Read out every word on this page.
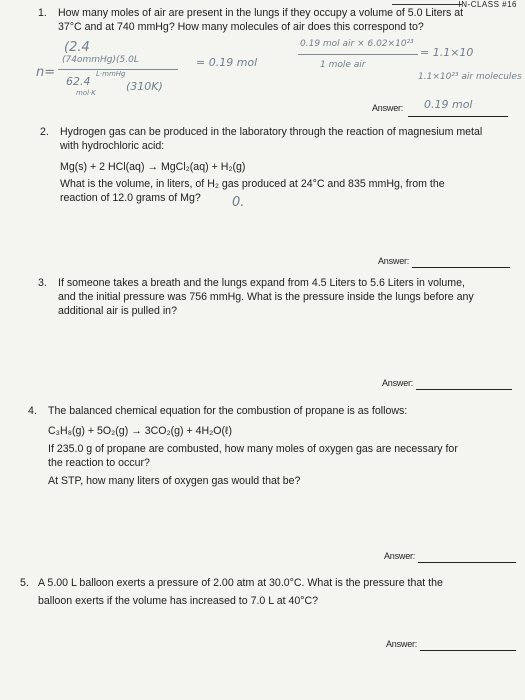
IN-CLASS #16
1. How many moles of air are present in the lungs if they occupy a volume of 5.0 Liters at
37°C and at 740 mmHg? How many molecules of air does this correspond to?
(2.4
(74ommHg)(5.0L
n=
62.4
L·mmHg
mol·K	(310K)
= 0.19 mol
0.19 mol air × 6.02×10²³
1 mole air
= 1.1×10
1.1×10²³ air molecules
Answer: 0.19 mol
2. Hydrogen gas can be produced in the laboratory through the reaction of magnesium metal
with hydrochloric acid:
Mg(s) + 2 HCl(aq) → MgCl₂(aq) + H₂(g)
What is the volume, in liters, of H₂ gas produced at 24°C and 835 mmHg, from the
reaction of 12.0 grams of Mg? 0.
Answer:
3. If someone takes a breath and the lungs expand from 4.5 Liters to 5.6 Liters in volume,
and the initial pressure was 756 mmHg. What is the pressure inside the lungs before any
additional air is pulled in?
Answer:
4. The balanced chemical equation for the combustion of propane is as follows:
C₃H₈(g) + 5O₂(g) → 3CO₂(g) + 4H₂O(ℓ)
If 235.0 g of propane are combusted, how many moles of oxygen gas are necessary for
the reaction to occur?
At STP, how many liters of oxygen gas would that be?
Answer:
5. A 5.00 L balloon exerts a pressure of 2.00 atm at 30.0°C. What is the pressure that the
balloon exerts if the volume has increased to 7.0 L at 40°C?
Answer:
